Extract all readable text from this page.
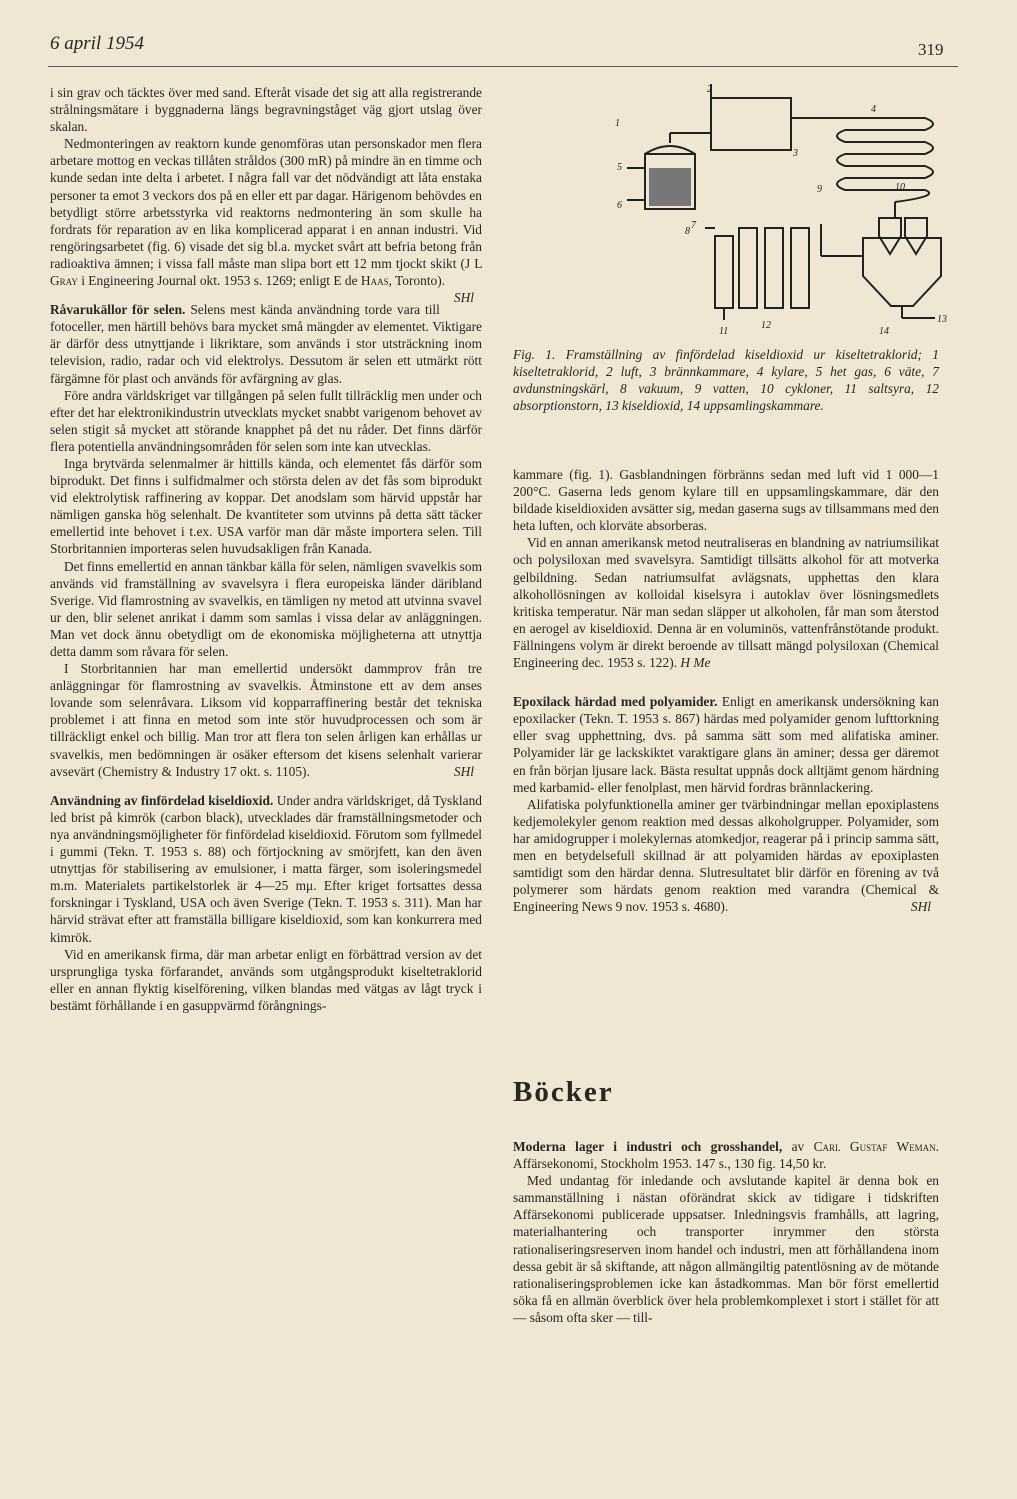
6 april 1954	319

i sin grav och täcktes över med sand. Efteråt visade det sig att alla registrerande strålningsmätare i byggnaderna längs begravningståget väg gjort utslag över skalan.

Nedmonteringen av reaktorn kunde genomföras utan personskador men flera arbetare mottog en veckas tillåten stråldos (300 mR) på mindre än en timme och kunde sedan inte delta i arbetet. I några fall var det nödvändigt att låta enstaka personer ta emot 3 veckors dos på en eller ett par dagar. Härigenom behövdes en betydligt större arbetsstyrka vid reaktorns nedmontering än som skulle ha fordrats för reparation av en lika komplicerad apparat i en annan industri. Vid rengöringsarbetet (fig. 6) visade det sig bl.a. mycket svårt att befria betong från radioaktiva ämnen; i vissa fall måste man slipa bort ett 12 mm tjockt skikt (J L Gray i Engineering Journal okt. 1953 s. 1269; enligt E de Haas, Toronto).
SHl

Råvarukällor för selen. Selens mest kända användning torde vara till fotoceller, men härtill behövs bara mycket små mängder av elementet. Viktigare är därför dess utnyttjande i likriktare, som används i stor utsträckning inom television, radio, radar och vid elektrolys. Dessutom är selen ett utmärkt rött färgämne för plast och används för avfärgning av glas.

Före andra världskriget var tillgången på selen fullt tillräcklig men under och efter det har elektronikindustrin utvecklats mycket snabbt varigenom behovet av selen stigit så mycket att störande knapphet på det nu råder. Det finns därför flera potentiella användningsområden för selen som inte kan utvecklas.

Inga brytvärda selenmalmer är hittills kända, och elementet fås därför som biprodukt. Det finns i sulfidmalmer och största delen av det fås som biprodukt vid elektrolytisk raffinering av koppar. Det anodslam som härvid uppstår har nämligen ganska hög selenhalt. De kvantiteter som utvinns på detta sätt täcker emellertid inte behovet i t.ex. USA varför man där måste importera selen. Till Storbritannien importeras selen huvudsakligen från Kanada.

Det finns emellertid en annan tänkbar källa för selen, nämligen svavelkis som används vid framställning av svavelsyra i flera europeiska länder däribland Sverige. Vid flamrostning av svavelkis, en tämligen ny metod att utvinna svavel ur den, blir selenet anrikat i damm som samlas i vissa delar av anläggningen. Man vet dock ännu obetydligt om de ekonomiska möjligheterna att utnyttja detta damm som råvara för selen.

I Storbritannien har man emellertid undersökt dammprov från tre anläggningar för flamrostning av svavelkis. Åtminstone ett av dem anses lovande som selenråvara. Liksom vid kopparraffinering består det tekniska problemet i att finna en metod som inte stör huvudprocessen och som är tillräckligt enkel och billig. Man tror att flera ton selen årligen kan erhållas ur svavelkis, men bedömningen är osäker eftersom det kisens selenhalt varierar avsevärt (Chemistry & Industry 17 okt. s. 1105).	SHl

Användning av finfördelad kiseldioxid. Under andra världskriget, då Tyskland led brist på kimrök (carbon black), utvecklades där framställningsmetoder och nya användningsmöjligheter för finfördelad kiseldioxid. Förutom som fyllmedel i gummi (Tekn. T. 1953 s. 88) och förtjockning av smörjfett, kan den även utnyttjas för stabilisering av emulsioner, i matta färger, som isoleringsmedel m.m. Materialets partikelstorlek är 4—25 mμ. Efter kriget fortsattes dessa forskningar i Tyskland, USA och även Sverige (Tekn. T. 1953 s. 311). Man har härvid strävat efter att framställa billigare kiseldioxid, som kan konkurrera med kimrök.

Vid en amerikansk firma, där man arbetar enligt en förbättrad version av det ursprungliga tyska förfarandet, används som utgångsprodukt kiseltetraklorid eller en annan flyktig kiselförening, vilken blandas med vätgas av lågt tryck i bestämt förhållande i en gasuppvärmd förångnings-

1
2
3
4
5
6
7
8
9	10
11
12
13
14
Fig. 1. Framställning av finfördelad kiseldioxid ur kiseltetraklorid; 1 kiseltetraklorid, 2 luft, 3 brännkammare, 4 kylare, 5 het gas, 6 väte, 7 avdunstningskärl, 8 vakuum, 9 vatten, 10 cykloner, 11 saltsyra, 12 absorptionstorn, 13 kiseldioxid, 14 uppsamlingskammare.

kammare (fig. 1). Gasblandningen förbränns sedan med luft vid 1 000—1 200°C. Gaserna leds genom kylare till en uppsamlingskammare, där den bildade kiseldioxiden avsätter sig, medan gaserna sugs av tillsammans med den heta luften, och klorväte absorberas.

Vid en annan amerikansk metod neutraliseras en blandning av natriumsilikat och polysiloxan med svavelsyra. Samtidigt tillsätts alkohol för att motverka gelbildning. Sedan natriumsulfat avlägsnats, upphettas den klara alkohollösningen av kolloidal kiselsyra i autoklav över lösningsmedlets kritiska temperatur. När man sedan släpper ut alkoholen, får man som återstod en aerogel av kiseldioxid. Denna är en voluminös, vattenfrånstötande produkt. Fällningens volym är direkt beroende av tillsatt mängd polysiloxan (Chemical Engineering dec. 1953 s. 122). H Me

Epoxilack härdad med polyamider. Enligt en amerikansk undersökning kan epoxilacker (Tekn. T. 1953 s. 867) härdas med polyamider genom lufttorkning eller svag upphettning, dvs. på samma sätt som med alifatiska aminer. Polyamider lär ge lackskiktet varaktigare glans än aminer; dessa ger däremot en från början ljusare lack. Bästa resultat uppnås dock alltjämt genom härdning med karbamid- eller fenolplast, men härvid fordras brännlackering.

Alifatiska polyfunktionella aminer ger tvärbindningar mellan epoxiplastens kedjemolekyler genom reaktion med dessas alkoholgrupper. Polyamider, som har amidogrupper i molekylernas atomkedjor, reagerar på i princip samma sätt, men en betydelsefull skillnad är att polyamiden härdas av epoxiplasten samtidigt som den härdar denna. Slutresultatet blir därför en förening av två polymerer som härdats genom reaktion med varandra (Chemical & Engineering News 9 nov. 1953 s. 4680).	SHl

Böcker

Moderna lager i industri och grosshandel, av Carl Gustaf Weman. Affärsekonomi, Stockholm 1953. 147 s., 130 fig. 14,50 kr.

Med undantag för inledande och avslutande kapitel är denna bok en sammanställning i nästan oförändrat skick av tidigare i tidskriften Affärsekonomi publicerade uppsatser. Inledningsvis framhålls, att lagring, materialhantering och transporter inrymmer den största rationaliseringsreserven inom handel och industri, men att förhållandena inom dessa gebit är så skiftande, att någon allmängiltig patentlösning av de mötande rationaliseringsproblemen icke kan åstadkommas. Man bör först emellertid söka få en allmän överblick över hela problemkomplexet i stort i stället för att — såsom ofta sker — till-
